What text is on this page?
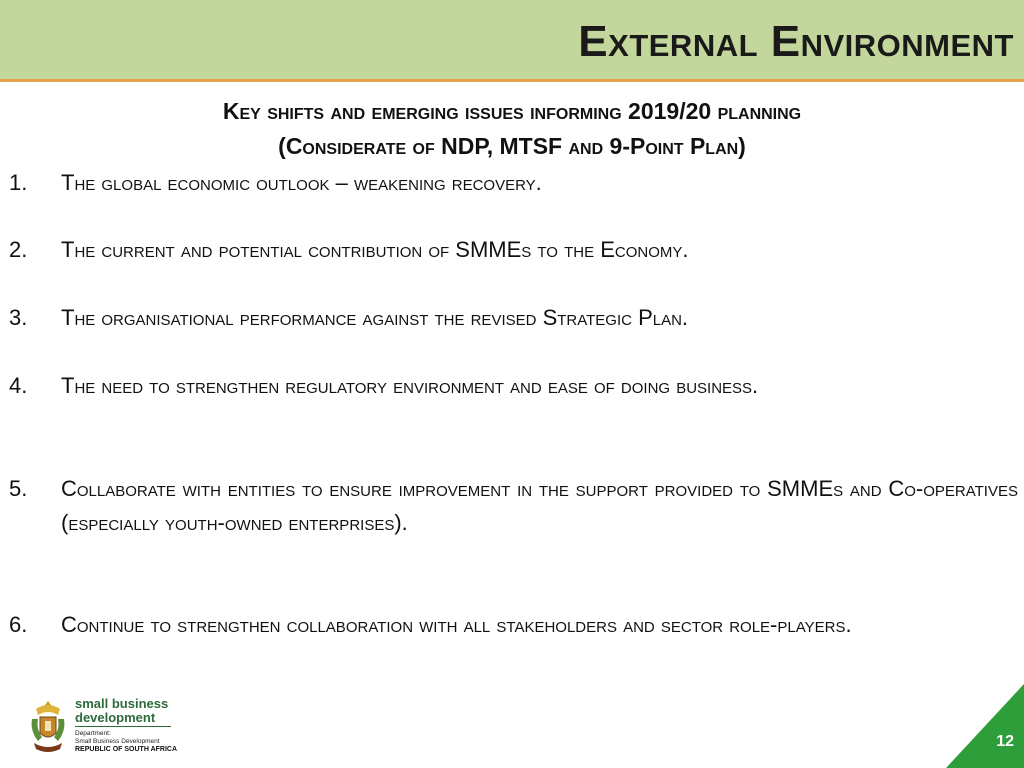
External Environment

Key shifts and emerging issues informing 2019/20 planning

(Considerate of NDP, MTSF and 9-Point Plan)

1. The global economic outlook – weakening recovery.

2. The current and potential contribution of SMMEs to the Economy.

3. The organisational performance against the revised Strategic Plan.

4. The need to strengthen regulatory environment and ease of doing business.

5. Collaborate with entities to ensure improvement in the support provided to SMMEs and Co-operatives (especially youth-owned enterprises).

6. Continue to strengthen collaboration with all stakeholders and sector role-players.

small business
development
Department:
Small Business Development
REPUBLIC OF SOUTH AFRICA	12
